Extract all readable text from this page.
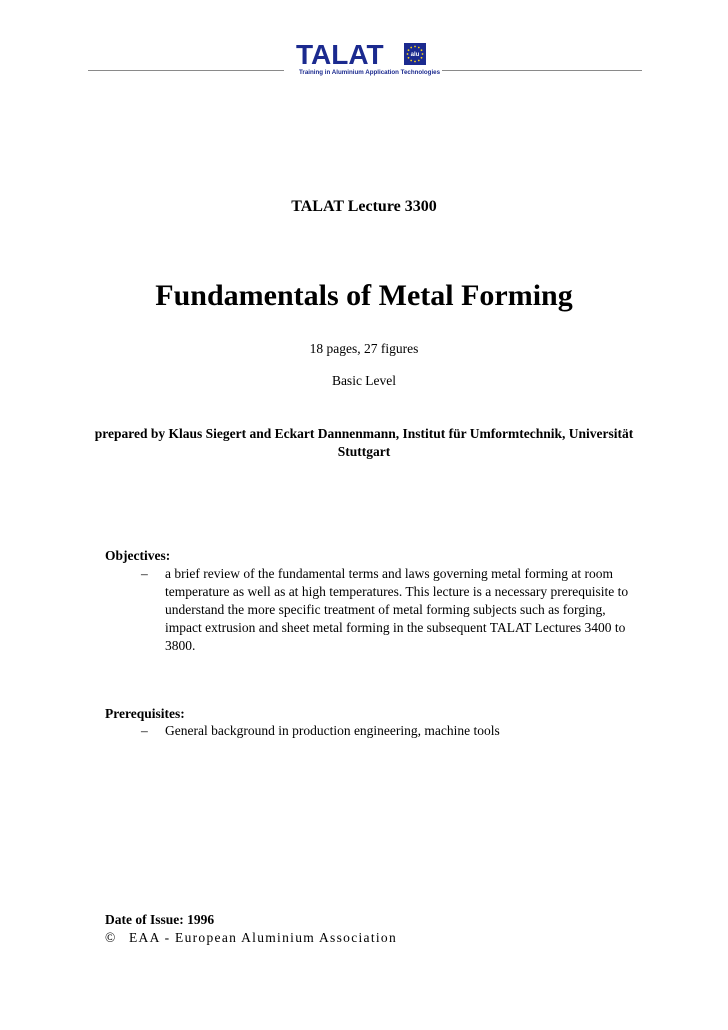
TALAT	alu
Training in Aluminium Application Technologies
TALAT Lecture 3300
Fundamentals of Metal Forming
18 pages, 27 figures
Basic Level
prepared by Klaus Siegert and Eckart Dannenmann, Institut für Umformtechnik, Universität Stuttgart
Objectives:
– a brief review of the fundamental terms and laws governing metal forming at room temperature as well as at high temperatures. This lecture is a necessary prerequisite to understand the more specific treatment of metal forming subjects such as forging, impact extrusion and sheet metal forming in the subsequent TALAT Lectures 3400 to 3800.
Prerequisites:
– General background in production engineering, machine tools
Date of Issue: 1996
© EAA - European Aluminium Association
